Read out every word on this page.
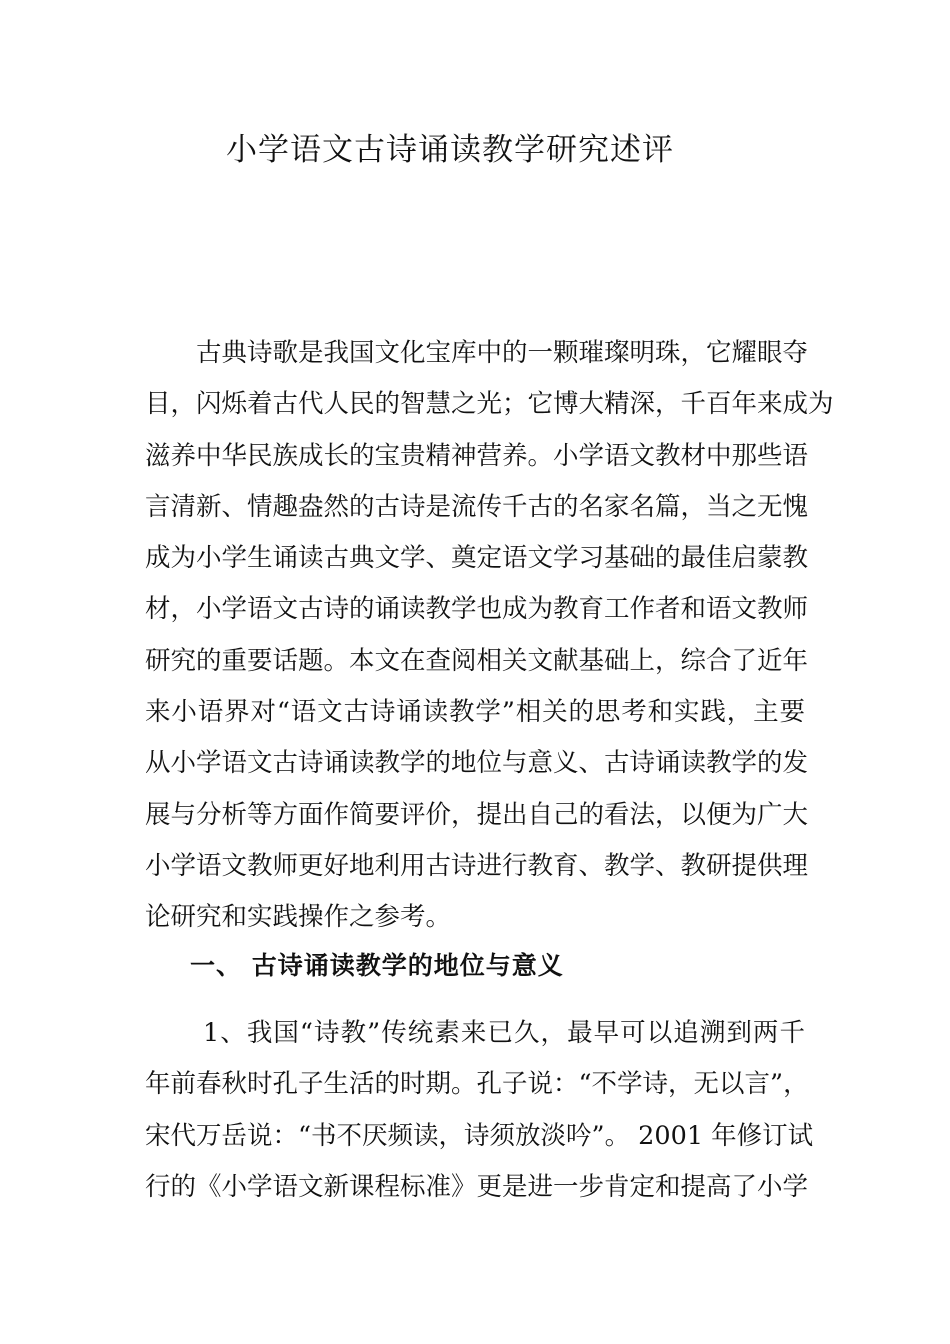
小学语文古诗诵读教学研究述评
古典诗歌是我国文化宝库中的一颗璀璨明珠，它耀眼夺
目，闪烁着古代人民的智慧之光；它博大精深，千百年来成为
滋养中华民族成长的宝贵精神营养。小学语文教材中那些语
言清新、情趣盎然的古诗是流传千古的名家名篇，当之无愧
成为小学生诵读古典文学、奠定语文学习基础的最佳启蒙教
材，小学语文古诗的诵读教学也成为教育工作者和语文教师
研究的重要话题。本文在查阅相关文献基础上，综合了近年
来小语界对“语文古诗诵读教学”相关的思考和实践，主要
从小学语文古诗诵读教学的地位与意义、古诗诵读教学的发
展与分析等方面作简要评价，提出自己的看法，以便为广大
小学语文教师更好地利用古诗进行教育、教学、教研提供理
论研究和实践操作之参考。
一、 古诗诵读教学的地位与意义
1、我国“诗教”传统素来已久，最早可以追溯到两千
年前春秋时孔子生活的时期。孔子说：“不学诗，无以言”，
宋代万岳说：“书不厌频读，诗须放淡吟”。 2001 年修订试
行的《小学语文新课程标准》更是进一步肯定和提高了小学
